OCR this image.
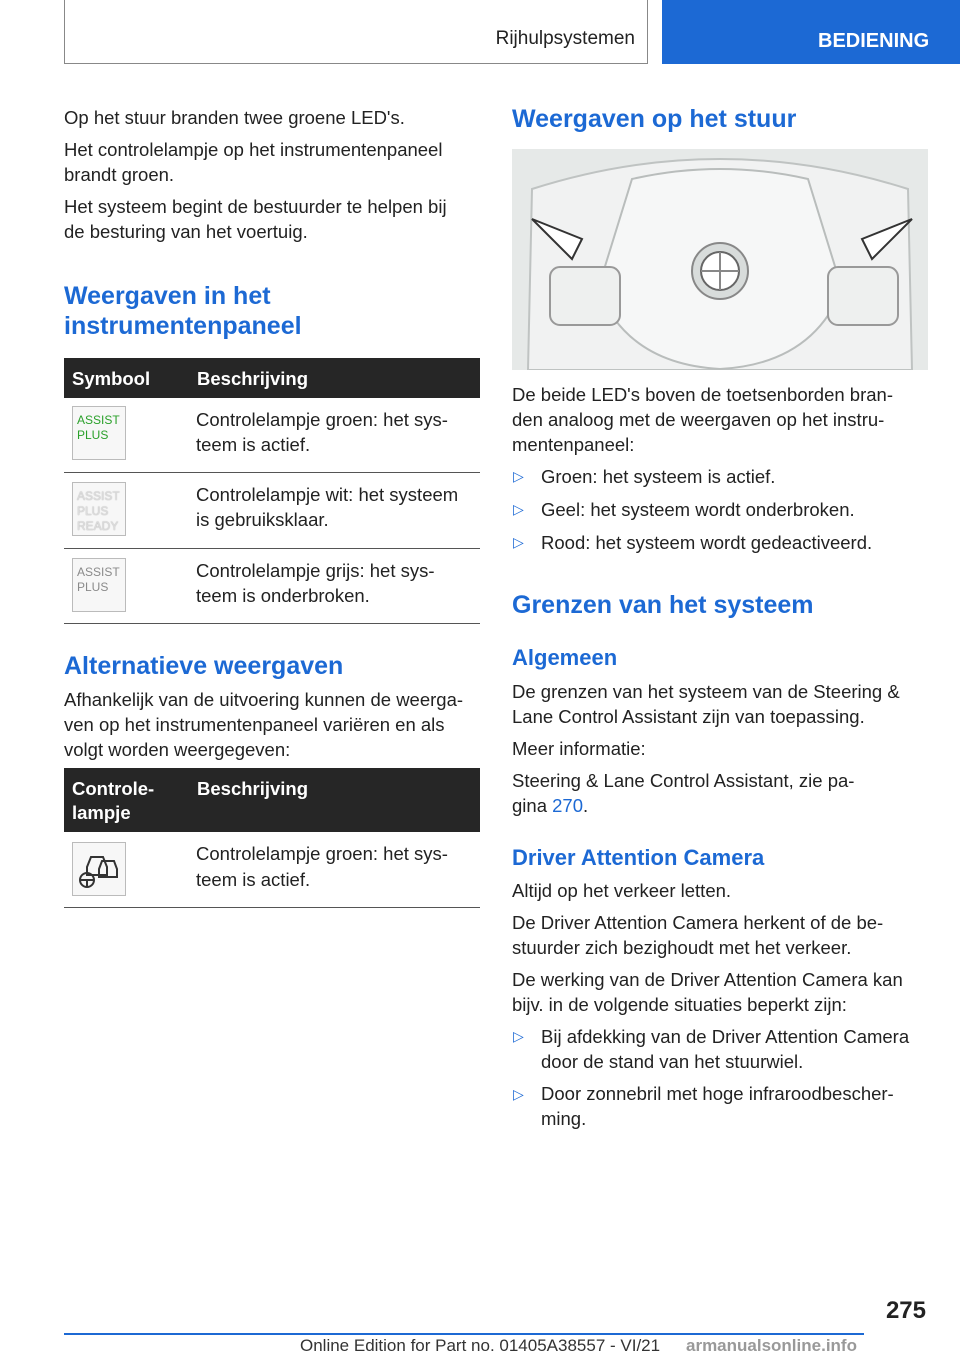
Rijhulpsystemen	BEDIENING

Op het stuur branden twee groene LED's.

Het controlelampje op het instrumentenpaneel

brandt groen.

Het systeem begint de bestuurder te helpen bij

de besturing van het voertuig.

Weergaven in het
instrumentenpaneel
Symbool	Beschrijving
ASSIST
PLUS

Controlelampje groen: het sys-

teem is actief.

ASSIST
PLUS
READY

Controlelampje wit: het systeem

is gebruiksklaar.

ASSIST
PLUS

Controlelampje grijs: het sys-

teem is onderbroken.

Alternatieve weergaven

Afhankelijk van de uitvoering kunnen de weerga-

ven op het instrumentenpaneel variëren en als

volgt worden weergegeven:

Controle-
lampje
Beschrijving

Controlelampje groen: het sys-

teem is actief.

Weergaven op het stuur

De beide LED's boven de toetsenborden bran-

den analoog met de weergaven op het instru-

mentenpaneel:

▷ Groen: het systeem is actief.

▷ Geel: het systeem wordt onderbroken.

▷ Rood: het systeem wordt gedeactiveerd.

Grenzen van het systeem
Algemeen

De grenzen van het systeem van de Steering &

Lane Control Assistant zijn van toepassing.

Meer informatie:

Steering & Lane Control Assistant, zie pa-

gina 270.

Driver Attention Camera

Altijd op het verkeer letten.

De Driver Attention Camera herkent of de be-

stuurder zich bezighoudt met het verkeer.

De werking van de Driver Attention Camera kan

bijv. in de volgende situaties beperkt zijn:

▷ Bij afdekking van de Driver Attention Camera

door de stand van het stuurwiel.

▷ Door zonnebril met hoge infraroodbescher-

ming.

275
Online Edition for Part no. 01405A38557 - VI/21 armanualsonline.info
